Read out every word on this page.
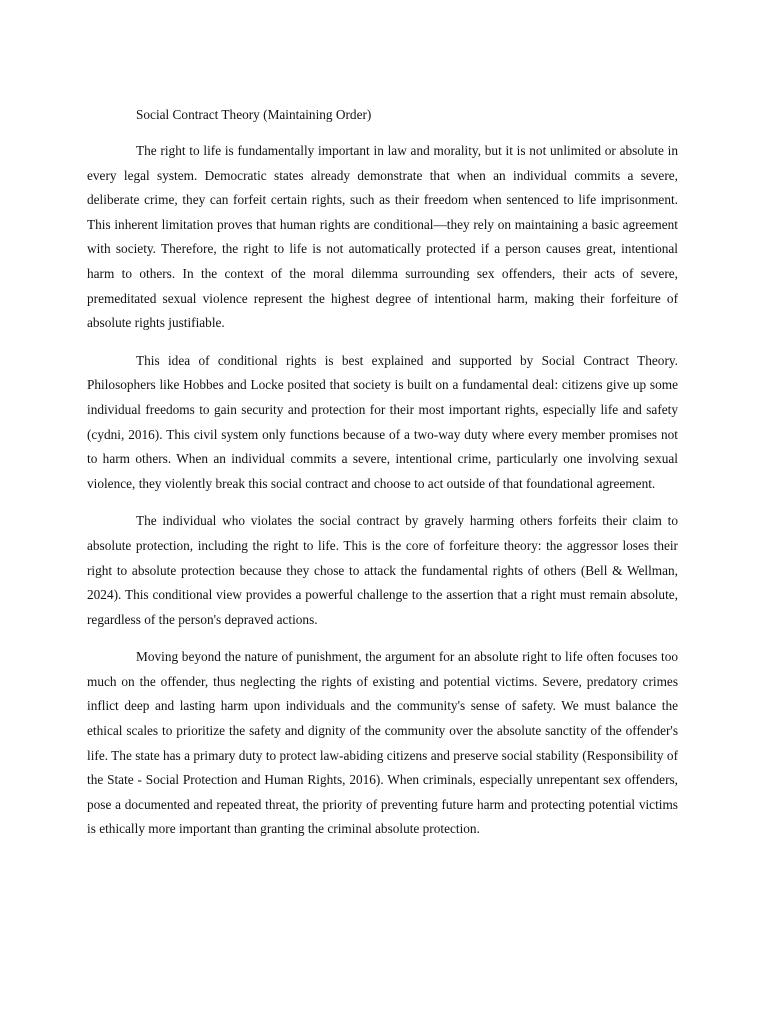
Social Contract Theory (Maintaining Order)

The right to life is fundamentally important in law and morality, but it is not unlimited or absolute in every legal system. Democratic states already demonstrate that when an individual commits a severe, deliberate crime, they can forfeit certain rights, such as their freedom when sentenced to life imprisonment. This inherent limitation proves that human rights are conditional—they rely on maintaining a basic agreement with society. Therefore, the right to life is not automatically protected if a person causes great, intentional harm to others. In the context of the moral dilemma surrounding sex offenders, their acts of severe, premeditated sexual violence represent the highest degree of intentional harm, making their forfeiture of absolute rights justifiable.

This idea of conditional rights is best explained and supported by Social Contract Theory. Philosophers like Hobbes and Locke posited that society is built on a fundamental deal: citizens give up some individual freedoms to gain security and protection for their most important rights, especially life and safety (cydni, 2016). This civil system only functions because of a two-way duty where every member promises not to harm others. When an individual commits a severe, intentional crime, particularly one involving sexual violence, they violently break this social contract and choose to act outside of that foundational agreement.

The individual who violates the social contract by gravely harming others forfeits their claim to absolute protection, including the right to life. This is the core of forfeiture theory: the aggressor loses their right to absolute protection because they chose to attack the fundamental rights of others (Bell & Wellman, 2024). This conditional view provides a powerful challenge to the assertion that a right must remain absolute, regardless of the person's depraved actions.

Moving beyond the nature of punishment, the argument for an absolute right to life often focuses too much on the offender, thus neglecting the rights of existing and potential victims. Severe, predatory crimes inflict deep and lasting harm upon individuals and the community's sense of safety. We must balance the ethical scales to prioritize the safety and dignity of the community over the absolute sanctity of the offender's life. The state has a primary duty to protect law-abiding citizens and preserve social stability (Responsibility of the State - Social Protection and Human Rights, 2016). When criminals, especially unrepentant sex offenders, pose a documented and repeated threat, the priority of preventing future harm and protecting potential victims is ethically more important than granting the criminal absolute protection.
